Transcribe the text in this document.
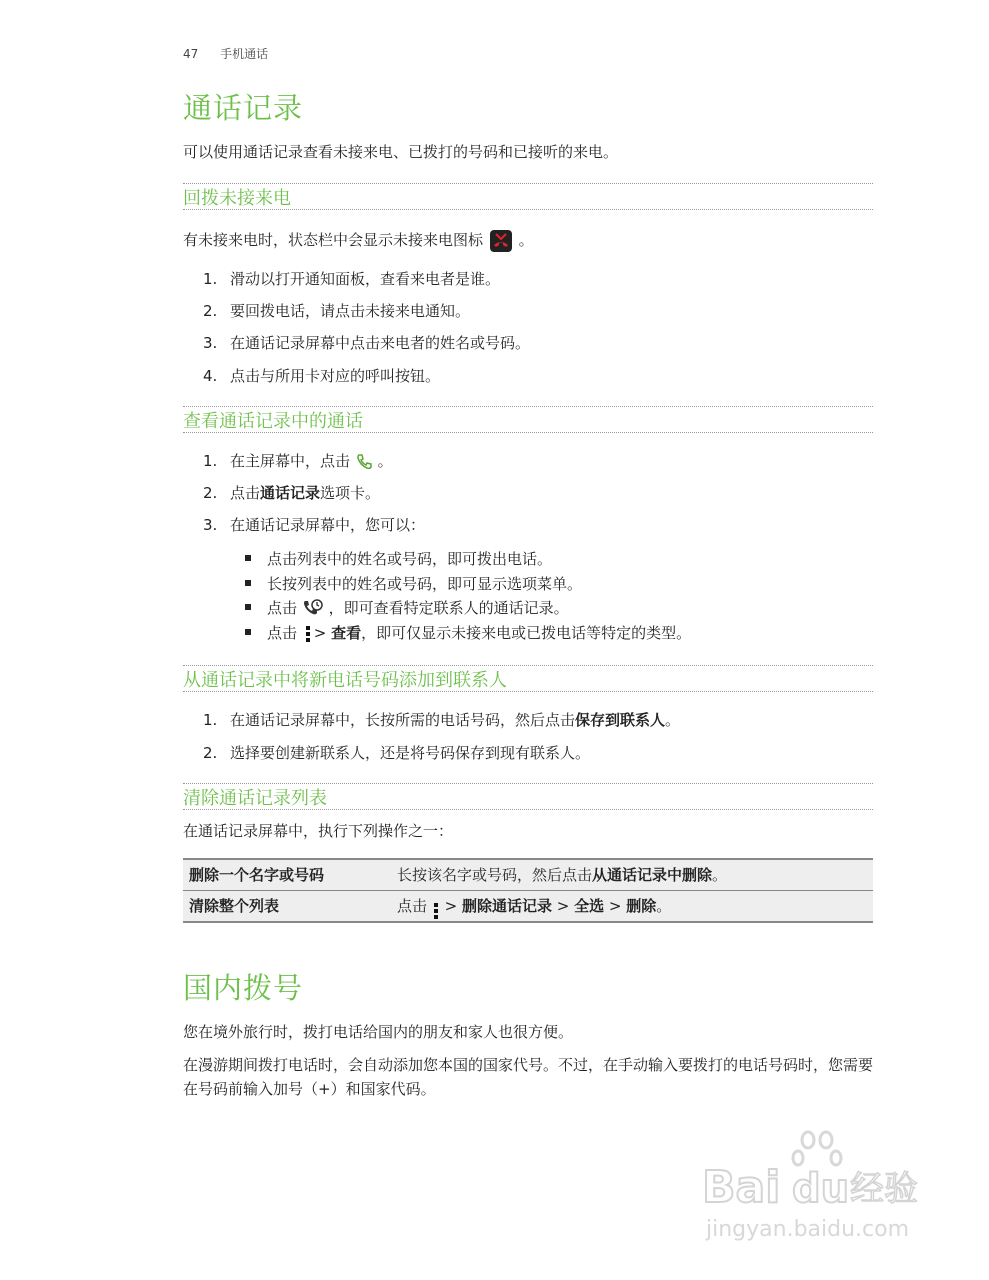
47 手机通话
通话记录
可以使用通话记录查看未接来电、已拨打的号码和已接听的来电。
回拨未接来电
有未接来电时，状态栏中会显示未接来电图标 。
1. 滑动以打开通知面板，查看来电者是谁。
2. 要回拨电话，请点击未接来电通知。
3. 在通话记录屏幕中点击来电者的姓名或号码。
4. 点击与所用卡对应的呼叫按钮。
查看通话记录中的通话
1. 在主屏幕中，点击 。
2. 点击通话记录选项卡。
3. 在通话记录屏幕中，您可以：
点击列表中的姓名或号码，即可拨出电话。
长按列表中的姓名或号码，即可显示选项菜单。
点击 ，即可查看特定联系人的通话记录。
点击 > 查看，即可仅显示未接来电或已拨电话等特定的类型。
从通话记录中将新电话号码添加到联系人
1. 在通话记录屏幕中，长按所需的电话号码，然后点击保存到联系人。
2. 选择要创建新联系人，还是将号码保存到现有联系人。
清除通话记录列表
在通话记录屏幕中，执行下列操作之一：
删除一个名字或号码	长按该名字或号码，然后点击从通话记录中删除。
清除整个列表	点击 > 删除通话记录 > 全选 > 删除。
国内拨号
您在境外旅行时，拨打电话给国内的朋友和家人也很方便。
在漫游期间拨打电话时，会自动添加您本国的国家代号。不过，在手动输入要拨打的电话号码时，您需要在号码前输入加号（+）和国家代码。
Bai du 经验
jingyan.baidu.com
